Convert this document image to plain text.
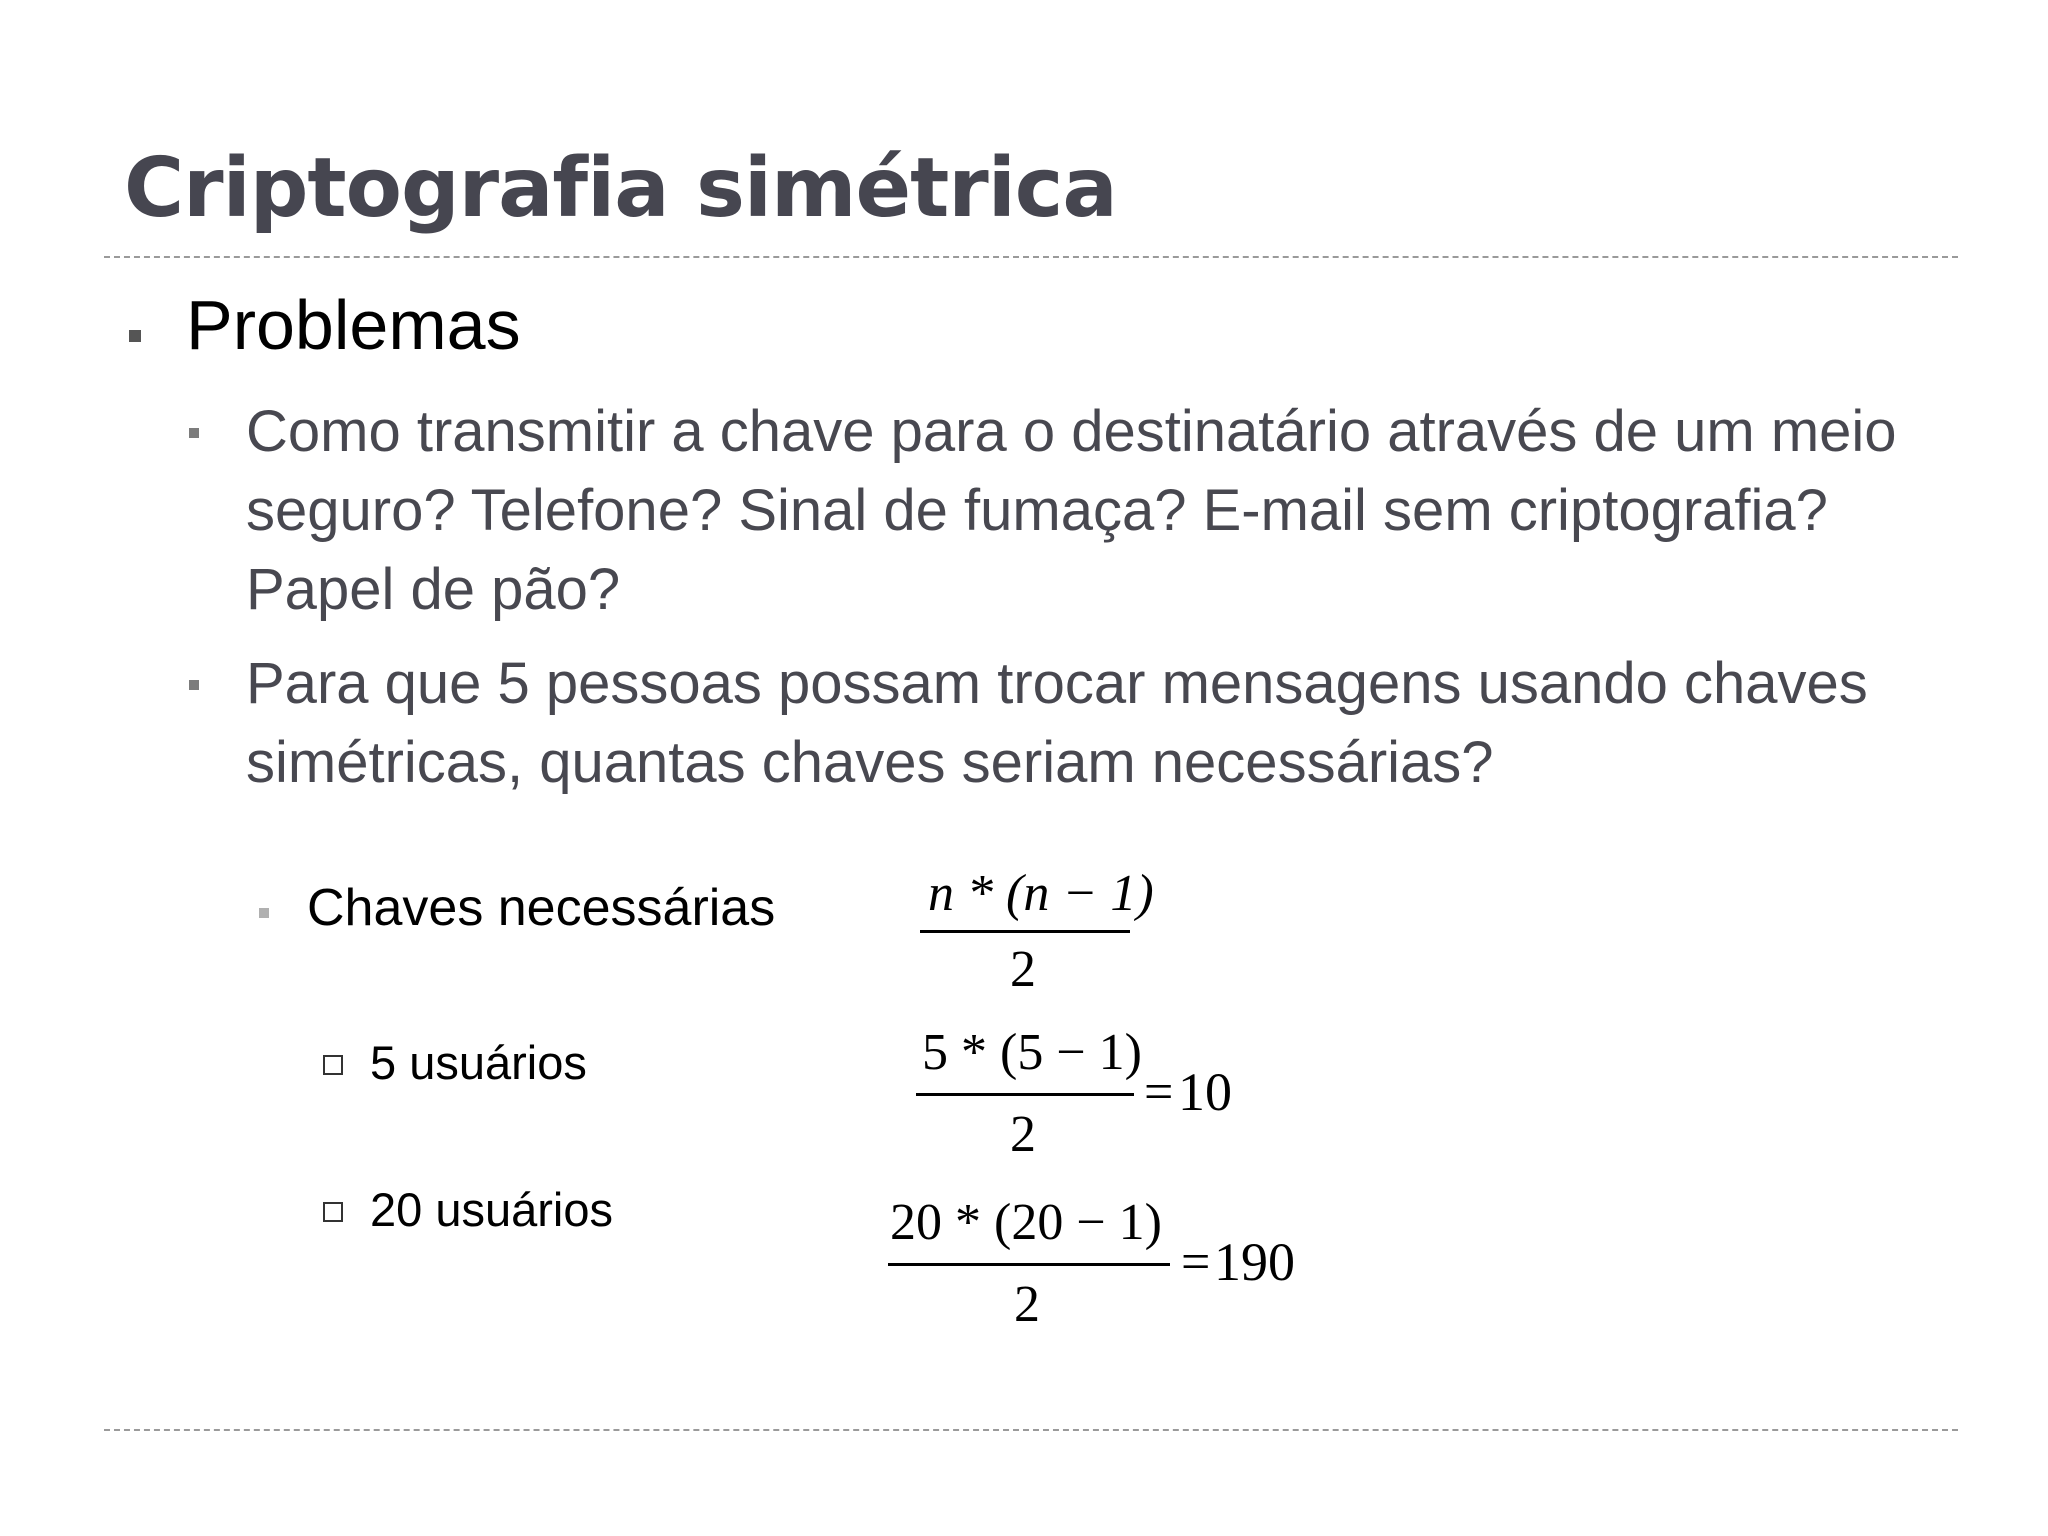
Criptografia simétrica
Problemas
Como transmitir a chave para o destinatário através de um meio seguro? Telefone? Sinal de fumaça? E-mail sem criptografia? Papel de pão?
Para que 5 pessoas possam trocar mensagens usando chaves simétricas, quantas chaves seriam necessárias?
Chaves necessárias
5 usuários
20 usuários
n * (n − 1)
2
5 * (5 − 1)
2
= 10
20 * (20 − 1)
2
= 190
